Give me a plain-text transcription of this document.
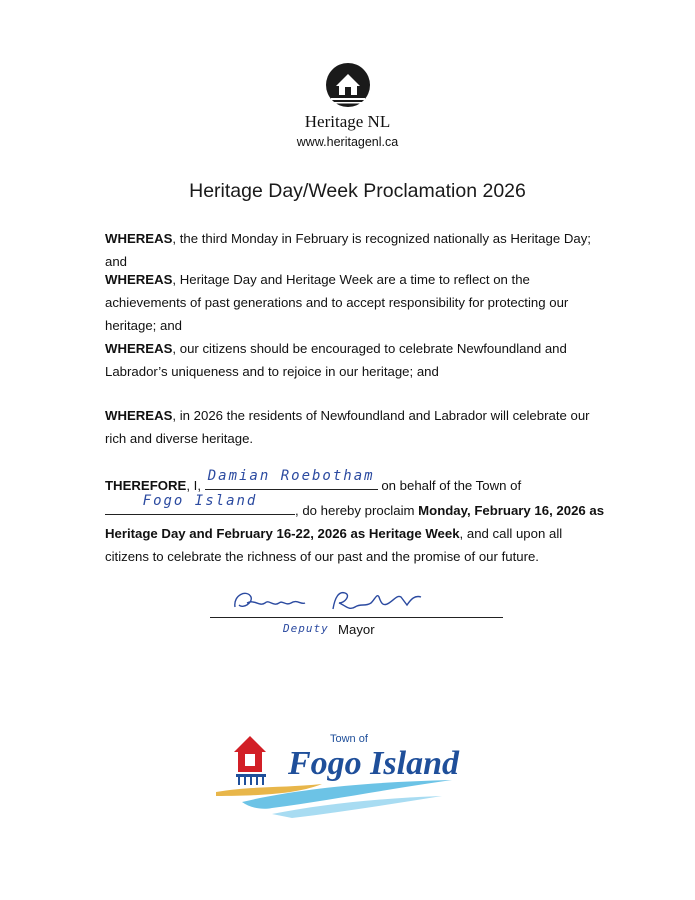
Heritage NL
www.heritagenl.ca
Heritage Day/Week Proclamation 2026
WHEREAS, the third Monday in February is recognized nationally as Heritage Day; and
WHEREAS, Heritage Day and Heritage Week are a time to reflect on the achievements of past generations and to accept responsibility for protecting our heritage; and
WHEREAS, our citizens should be encouraged to celebrate Newfoundland and Labrador’s uniqueness and to rejoice in our heritage; and
WHEREAS, in 2026 the residents of Newfoundland and Labrador will celebrate our rich and diverse heritage.
THEREFORE, I,
Damian Roebotham
on behalf of the Town of

Fogo Island
, do hereby proclaim Monday, February 16, 2026 as Heritage Day and February 16-22, 2026 as Heritage Week, and call upon all citizens to celebrate the richness of our past and the promise of our future.
Deputy Mayor
Town of
Fogo Island
